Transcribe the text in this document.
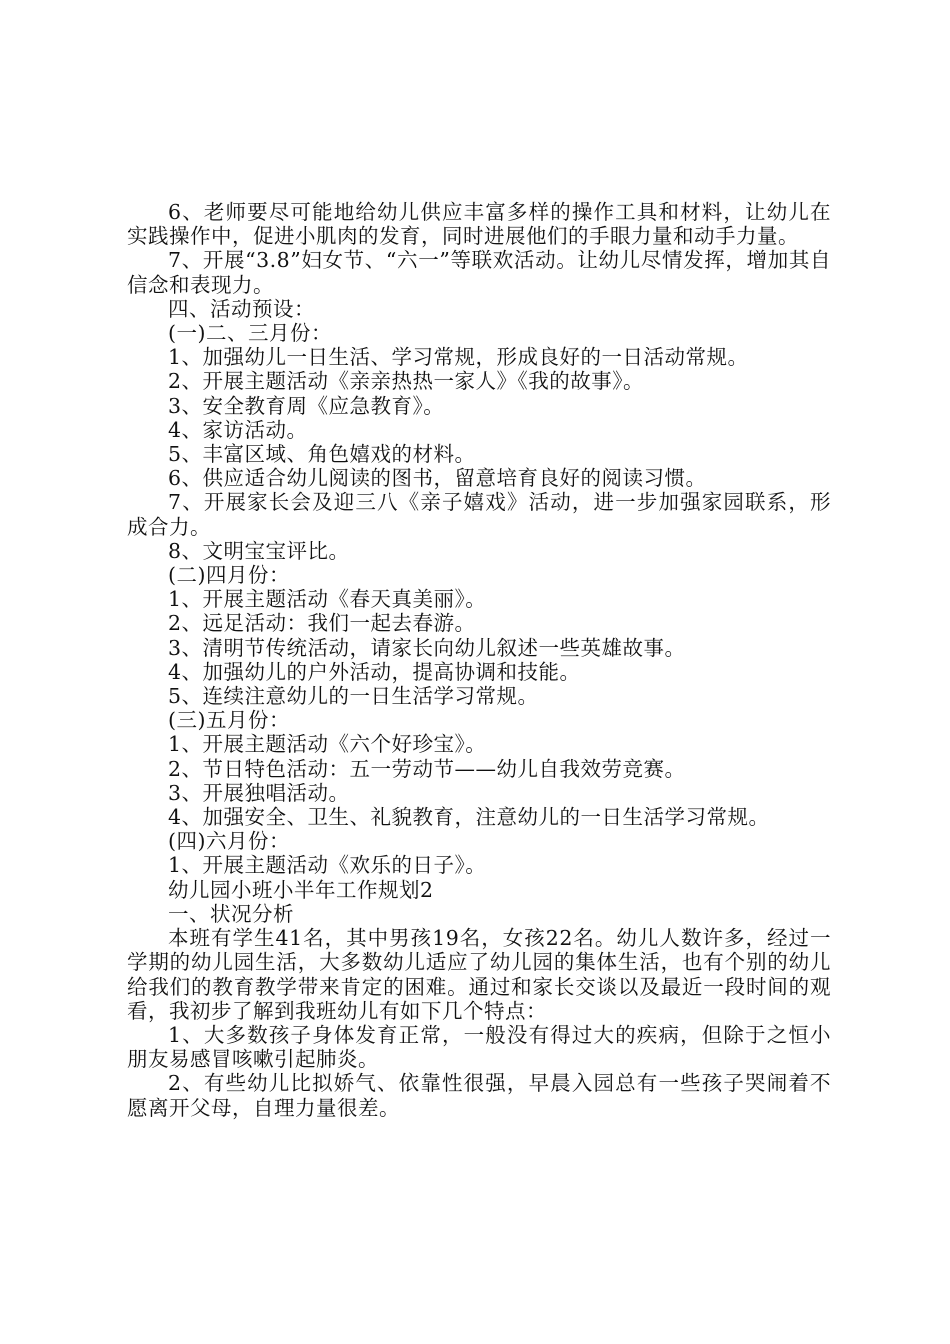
6、老师要尽可能地给幼儿供应丰富多样的操作工具和材料，让幼儿在实践操作中，促进小肌肉的发育，同时进展他们的手眼力量和动手力量。

7、开展“3.8”妇女节、“六一”等联欢活动。让幼儿尽情发挥，增加其自信念和表现力。

四、活动预设：

(一)二、三月份：

1、加强幼儿一日生活、学习常规，形成良好的一日活动常规。

2、开展主题活动《亲亲热热一家人》《我的故事》。

3、安全教育周《应急教育》。

4、家访活动。

5、丰富区域、角色嬉戏的材料。

6、供应适合幼儿阅读的图书，留意培育良好的阅读习惯。

7、开展家长会及迎三八《亲子嬉戏》活动，进一步加强家园联系，形成合力。

8、文明宝宝评比。

(二)四月份：

1、开展主题活动《春天真美丽》。

2、远足活动：我们一起去春游。

3、清明节传统活动，请家长向幼儿叙述一些英雄故事。

4、加强幼儿的户外活动，提高协调和技能。

5、连续注意幼儿的一日生活学习常规。

(三)五月份：

1、开展主题活动《六个好珍宝》。

2、节日特色活动：五一劳动节——幼儿自我效劳竞赛。

3、开展独唱活动。

4、加强安全、卫生、礼貌教育，注意幼儿的一日生活学习常规。

(四)六月份：

1、开展主题活动《欢乐的日子》。

幼儿园小班小半年工作规划2

一、状况分析

本班有学生41名，其中男孩19名，女孩22名。幼儿人数许多，经过一学期的幼儿园生活，大多数幼儿适应了幼儿园的集体生活，也有个别的幼儿给我们的教育教学带来肯定的困难。通过和家长交谈以及最近一段时间的观看，我初步了解到我班幼儿有如下几个特点：

1、大多数孩子身体发育正常，一般没有得过大的疾病，但除于之恒小朋友易感冒咳嗽引起肺炎。

2、有些幼儿比拟娇气、依靠性很强，早晨入园总有一些孩子哭闹着不愿离开父母，自理力量很差。
